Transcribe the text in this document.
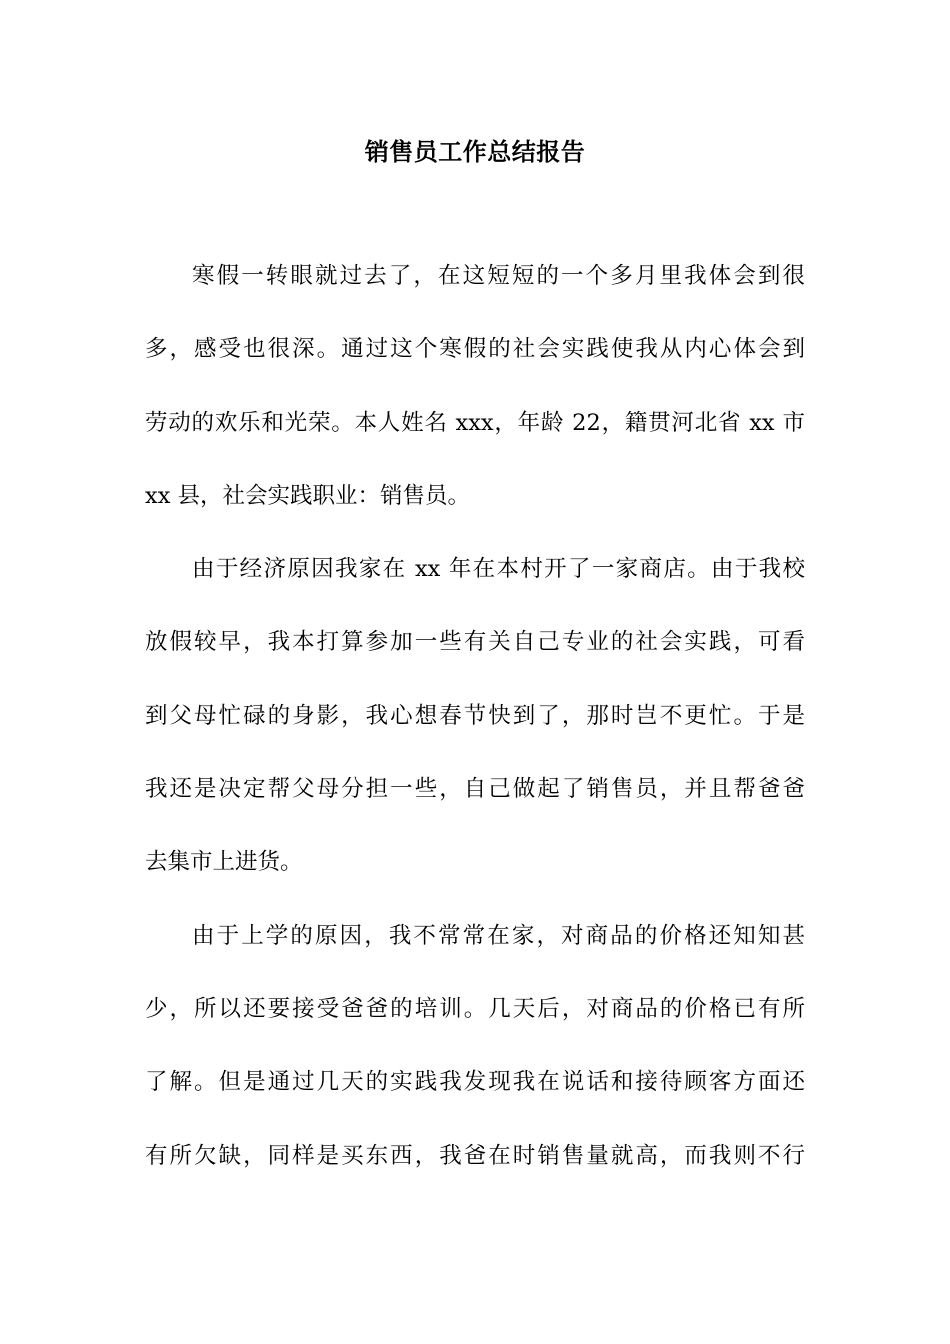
销售员工作总结报告
寒假一转眼就过去了，在这短短的一个多月里我体会到很
多，感受也很深。通过这个寒假的社会实践使我从内心体会到
劳动的欢乐和光荣。本人姓名 xxx，年龄 22，籍贯河北省 xx 市
xx 县，社会实践职业：销售员。
由于经济原因我家在 xx 年在本村开了一家商店。由于我校
放假较早，我本打算参加一些有关自己专业的社会实践，可看
到父母忙碌的身影，我心想春节快到了，那时岂不更忙。于是
我还是决定帮父母分担一些，自己做起了销售员，并且帮爸爸
去集市上进货。
由于上学的原因，我不常常在家，对商品的价格还知知甚
少，所以还要接受爸爸的培训。几天后，对商品的价格已有所
了解。但是通过几天的实践我发现我在说话和接待顾客方面还
有所欠缺，同样是买东西，我爸在时销售量就高，而我则不行
